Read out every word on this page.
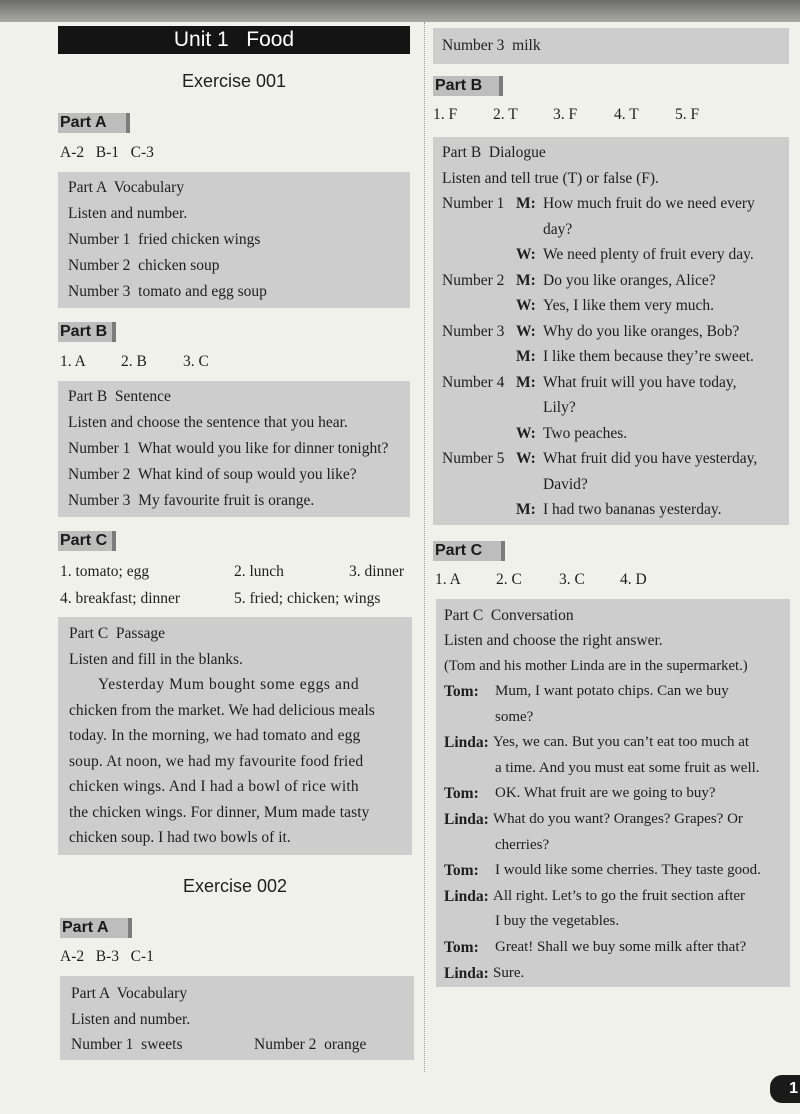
Unit 1   Food
Exercise 001
Part A
A-2   B-1   C-3
Part A  Vocabulary
Listen and number.
Number 1  fried chicken wings
Number 2  chicken soup
Number 3  tomato and egg soup
Part B
1. A 2. B 3. C
Part B  Sentence
Listen and choose the sentence that you hear.
Number 1  What would you like for dinner tonight?
Number 2  What kind of soup would you like?
Number 3  My favourite fruit is orange.
Part C
1. tomato; egg	2. lunch	3. dinner
4. breakfast; dinner	5. fried; chicken; wings
Part C  Passage
Listen and fill in the blanks.
Yesterday Mum bought some eggs and
chicken from the market. We had delicious meals
today. In the morning, we had tomato and egg
soup. At noon, we had my favourite food fried
chicken wings. And I had a bowl of rice with
the chicken wings. For dinner, Mum made tasty
chicken soup. I had two bowls of it.
Exercise 002
Part A
A-2   B-3   C-1
Part A  Vocabulary
Listen and number.
Number 1  sweets	Number 2  orange
Number 3  milk
Part B
1. F 2. T 3. F 4. T 5. F
Part B  Dialogue
Listen and tell true (T) or false (F).
Number 1 M: How much fruit do we need every
day?
W: We need plenty of fruit every day.
Number 2 M: Do you like oranges, Alice?
W: Yes, I like them very much.
Number 3 W: Why do you like oranges, Bob?
M: I like them because they’re sweet.
Number 4 M: What fruit will you have today,
Lily?
W: Two peaches.
Number 5 W: What fruit did you have yesterday,
David?
M: I had two bananas yesterday.
Part C
1. A 2. C 3. C 4. D
Part C  Conversation
Listen and choose the right answer.
(Tom and his mother Linda are in the supermarket.)
Tom: Mum, I want potato chips. Can we buy
some?
Linda: Yes, we can. But you can’t eat too much at
a time. And you must eat some fruit as well.
Tom: OK. What fruit are we going to buy?
Linda: What do you want? Oranges? Grapes? Or
cherries?
Tom: I would like some cherries. They taste good.
Linda: All right. Let’s to go the fruit section after
I buy the vegetables.
Tom: Great! Shall we buy some milk after that?
Linda: Sure.
1
